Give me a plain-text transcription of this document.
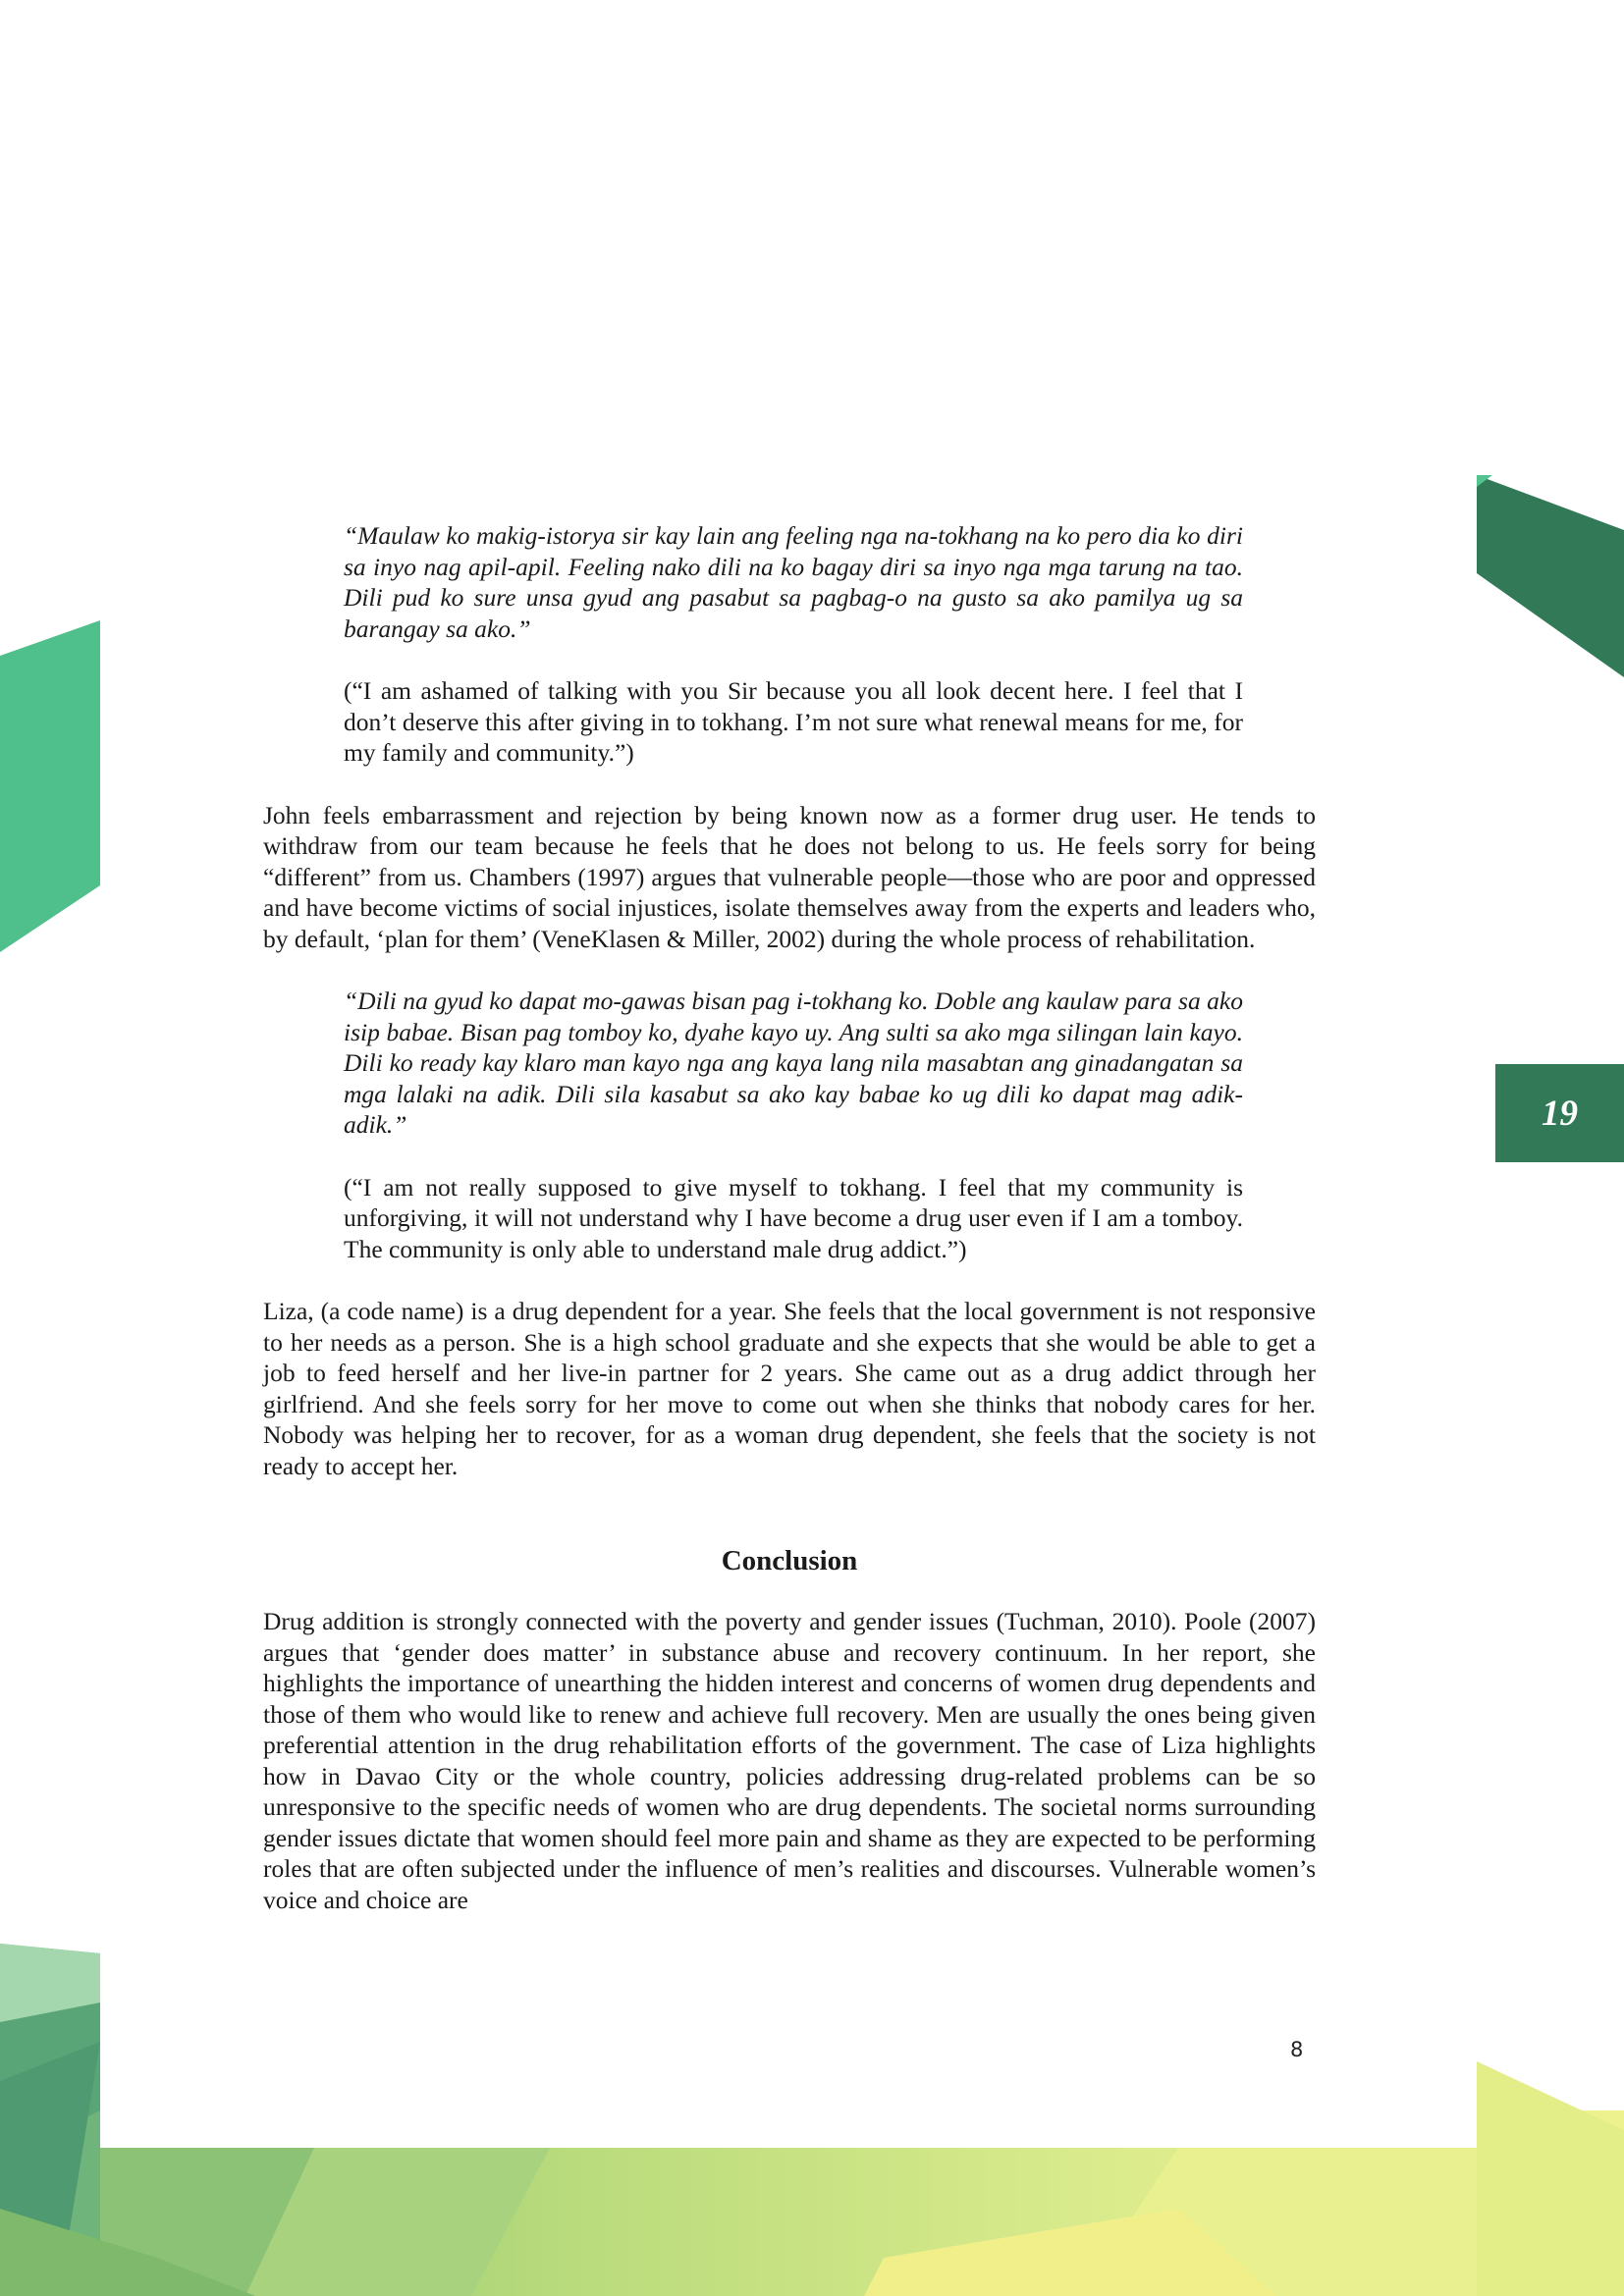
“Maulaw ko makig-istorya sir kay lain ang feeling nga na-tokhang na ko pero dia ko diri sa inyo nag apil-apil. Feeling nako dili na ko bagay diri sa inyo nga mga tarung na tao. Dili pud ko sure unsa gyud ang pasabut sa pagbag-o na gusto sa ako pamilya ug sa barangay sa ako.”

(“I am ashamed of talking with you Sir because you all look decent here. I feel that I don’t deserve this after giving in to tokhang. I’m not sure what renewal means for me, for my family and community.”)

John feels embarrassment and rejection by being known now as a former drug user. He tends to withdraw from our team because he feels that he does not belong to us. He feels sorry for being “different” from us. Chambers (1997) argues that vulnerable people—those who are poor and oppressed and have become victims of social injustices, isolate themselves away from the experts and leaders who, by default, ‘plan for them’ (VeneKlasen & Miller, 2002) during the whole process of rehabilitation.

“Dili na gyud ko dapat mo-gawas bisan pag i-tokhang ko. Doble ang kaulaw para sa ako isip babae. Bisan pag tomboy ko, dyahe kayo uy. Ang sulti sa ako mga silingan lain kayo. Dili ko ready kay klaro man kayo nga ang kaya lang nila masabtan ang ginadangatan sa mga lalaki na adik. Dili sila kasabut sa ako kay babae ko ug dili ko dapat mag adik-adik.”

(“I am not really supposed to give myself to tokhang. I feel that my community is unforgiving, it will not understand why I have become a drug user even if I am a tomboy. The community is only able to understand male drug addict.”)

Liza, (a code name) is a drug dependent for a year. She feels that the local government is not responsive to her needs as a person. She is a high school graduate and she expects that she would be able to get a job to feed herself and her live-in partner for 2 years. She came out as a drug addict through her girlfriend. And she feels sorry for her move to come out when she thinks that nobody cares for her. Nobody was helping her to recover, for as a woman drug dependent, she feels that the society is not ready to accept her.

Conclusion

Drug addition is strongly connected with the poverty and gender issues (Tuchman, 2010). Poole (2007) argues that ‘gender does matter’ in substance abuse and recovery continuum. In her report, she highlights the importance of unearthing the hidden interest and concerns of women drug dependents and those of them who would like to renew and achieve full recovery. Men are usually the ones being given preferential attention in the drug rehabilitation efforts of the government. The case of Liza highlights how in Davao City or the whole country, policies addressing drug-related problems can be so unresponsive to the specific needs of women who are drug dependents. The societal norms surrounding gender issues dictate that women should feel more pain and shame as they are expected to be performing roles that are often subjected under the influence of men’s realities and discourses. Vulnerable women’s voice and choice are

8
19
